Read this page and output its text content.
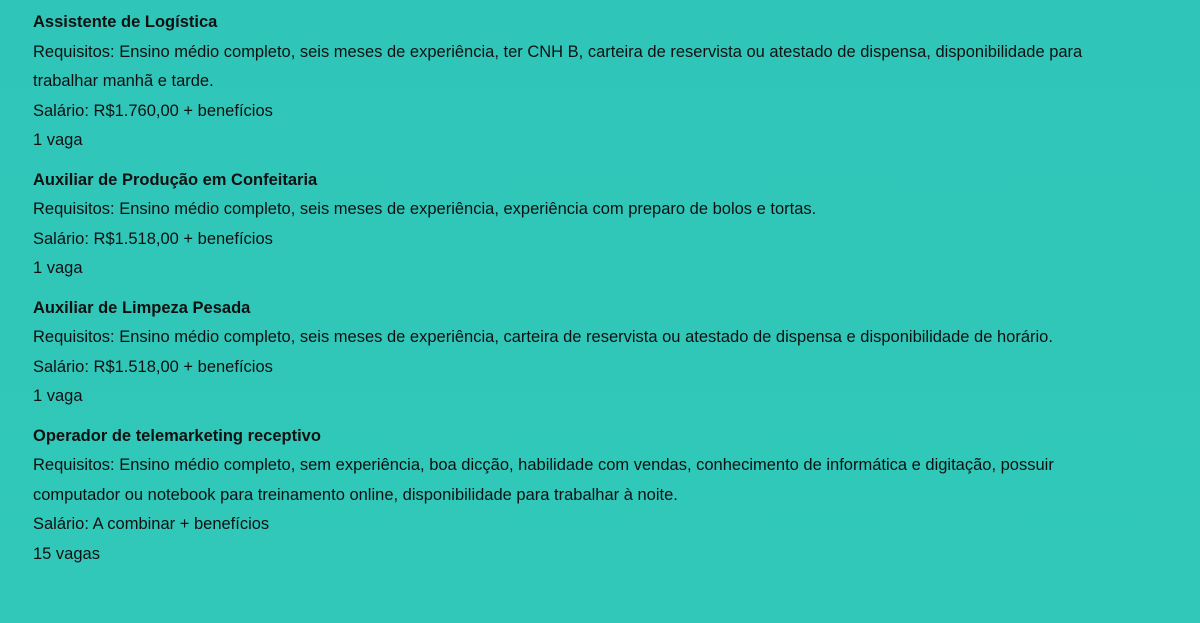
Assistente de Logística

Requisitos: Ensino médio completo, seis meses de experiência, ter CNH B, carteira de reservista ou atestado de dispensa, disponibilidade para trabalhar manhã e tarde.

Salário: R$1.760,00 + benefícios

1 vaga

Auxiliar de Produção em Confeitaria

Requisitos: Ensino médio completo, seis meses de experiência, experiência com preparo de bolos e tortas.

Salário: R$1.518,00 + benefícios

1 vaga

Auxiliar de Limpeza Pesada

Requisitos: Ensino médio completo, seis meses de experiência, carteira de reservista ou atestado de dispensa e disponibilidade de horário.

Salário: R$1.518,00 + benefícios

1 vaga

Operador de telemarketing receptivo

Requisitos: Ensino médio completo, sem experiência, boa dicção, habilidade com vendas, conhecimento de informática e digitação, possuir computador ou notebook para treinamento online, disponibilidade para trabalhar à noite.

Salário: A combinar + benefícios

15 vagas
